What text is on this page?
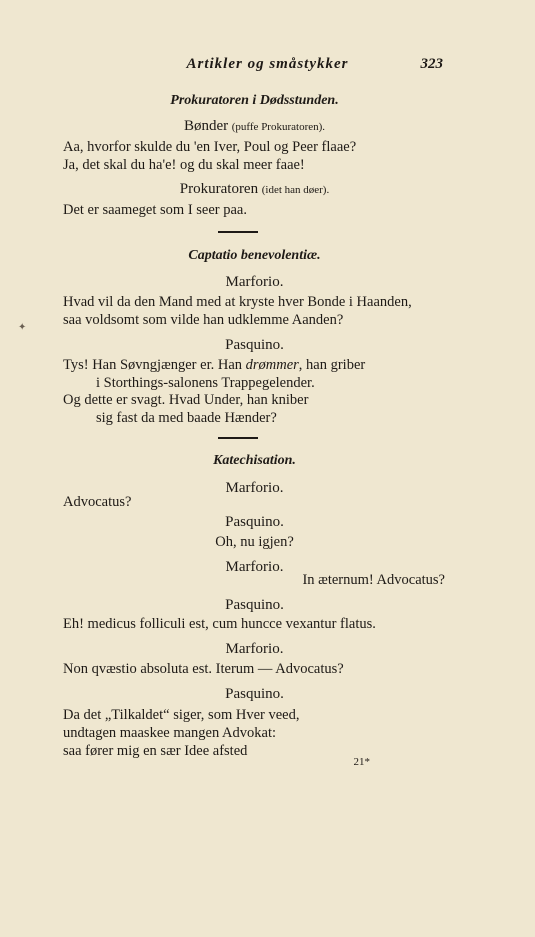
Artikler og småstykker	323
Prokuratoren i Dødsstunden.
Bønder (puffe Prokuratoren).
Aa, hvorfor skulde du 'en Iver, Poul og Peer flaae?
Ja, det skal du ha'e! og du skal meer faae!
Prokuratoren (idet han døer).
Det er saameget som I seer paa.
Captatio benevolentiæ.
Marforio.
Hvad vil da den Mand med at kryste hver Bonde i Haanden,
saa voldsomt som vilde han udklemme Aanden?
Pasquino.
Tys! Han Søvngjænger er. Han drømmer, han griber
i Storthings-salonens Trappegelender.
Og dette er svagt. Hvad Under, han kniber
sig fast da med baade Hænder?
Katechisation.
Marforio.
Advocatus?
Pasquino.
Oh, nu igjen?
Marforio.
In æternum! Advocatus?
Pasquino.
Eh! medicus folliculi est, cum huncce vexantur flatus.
Marforio.
Non qvæstio absoluta est. Iterum — Advocatus?
Pasquino.
Da det „Tilkaldet“ siger, som Hver veed,
undtagen maaskee mangen Advokat:
saa fører mig en sær Idee afsted
21*
✦
